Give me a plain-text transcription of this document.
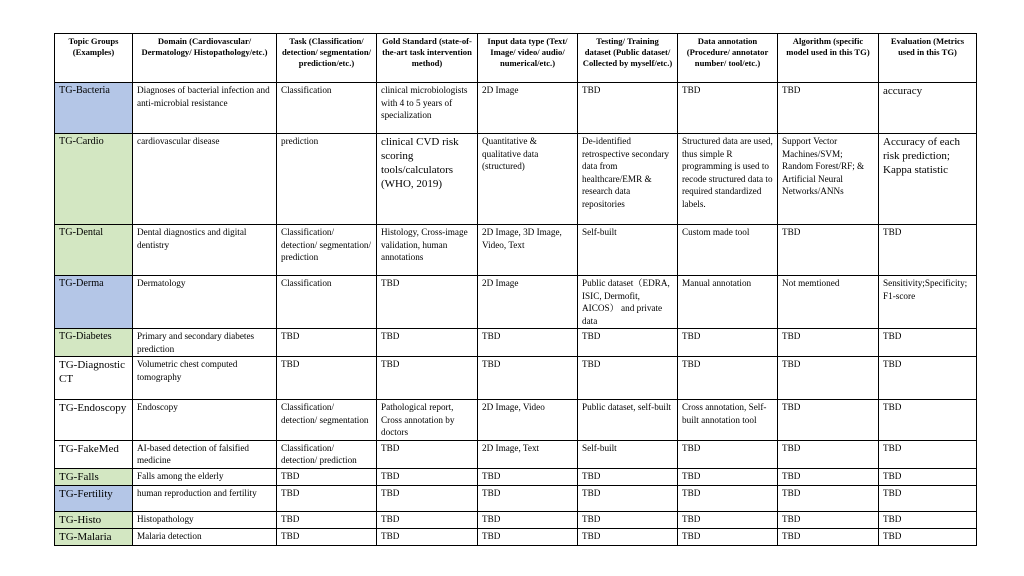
Topic Groups (Examples)	Domain (Cardiovascular/ Dermatology/ Histopathology/etc.)	Task (Classification/ detection/ segmentation/ prediction/etc.)	Gold Standard (state-of-the-art task intervention method)	Input data type (Text/ Image/ video/ audio/ numerical/etc.)	Testing/ Training dataset (Public dataset/ Collected by myself/etc.)	Data annotation (Procedure/ annotator number/ tool/etc.)	Algorithm (specific model used in this TG)	Evaluation (Metrics used in this TG)
TG-Bacteria	Diagnoses of bacterial infection and anti-microbial resistance	Classification	clinical microbiologists with 4 to 5 years of specialization	2D Image	TBD	TBD	TBD	accuracy
TG-Cardio	cardiovascular disease	prediction	clinical CVD risk scoring tools/calculators (WHO, 2019)	Quantitative & qualitative data (structured)	De-identified retrospective secondary data from healthcare/EMR & research data repositories	Structured data are used, thus simple R programming is used to recode structured data to required standardized labels.	Support Vector Machines/SVM; Random Forest/RF; & Artificial Neural Networks/ANNs	Accuracy of each risk prediction; Kappa statistic
TG-Dental	Dental diagnostics and digital dentistry	Classification/ detection/ segmentation/ prediction	Histology, Cross-image validation, human annotations	2D Image, 3D Image, Video, Text	Self-built	Custom made tool	TBD	TBD
TG-Derma	Dermatology	Classification	TBD	2D Image	Public dataset（EDRA, ISIC, Dermofit, AICOS） and private data	Manual annotation	Not memtioned	Sensitivity;Specificity; F1-score
TG-Diabetes	Primary and secondary diabetes prediction	TBD	TBD	TBD	TBD	TBD	TBD	TBD
TG-DiagnosticCT	Volumetric chest computed tomography	TBD	TBD	TBD	TBD	TBD	TBD	TBD
TG-Endoscopy	Endoscopy	Classification/ detection/ segmentation	Pathological report, Cross annotation by doctors	2D Image, Video	Public dataset, self-built	Cross annotation, Self-built annotation tool	TBD	TBD
TG-FakeMed	AI-based detection of falsified medicine	Classification/ detection/ prediction	TBD	2D Image, Text	Self-built	TBD	TBD	TBD
TG-Falls	Falls among the elderly	TBD	TBD	TBD	TBD	TBD	TBD	TBD
TG-Fertility	human reproduction and fertility	TBD	TBD	TBD	TBD	TBD	TBD	TBD
TG-Histo	Histopathology	TBD	TBD	TBD	TBD	TBD	TBD	TBD
TG-Malaria	Malaria detection	TBD	TBD	TBD	TBD	TBD	TBD	TBD
